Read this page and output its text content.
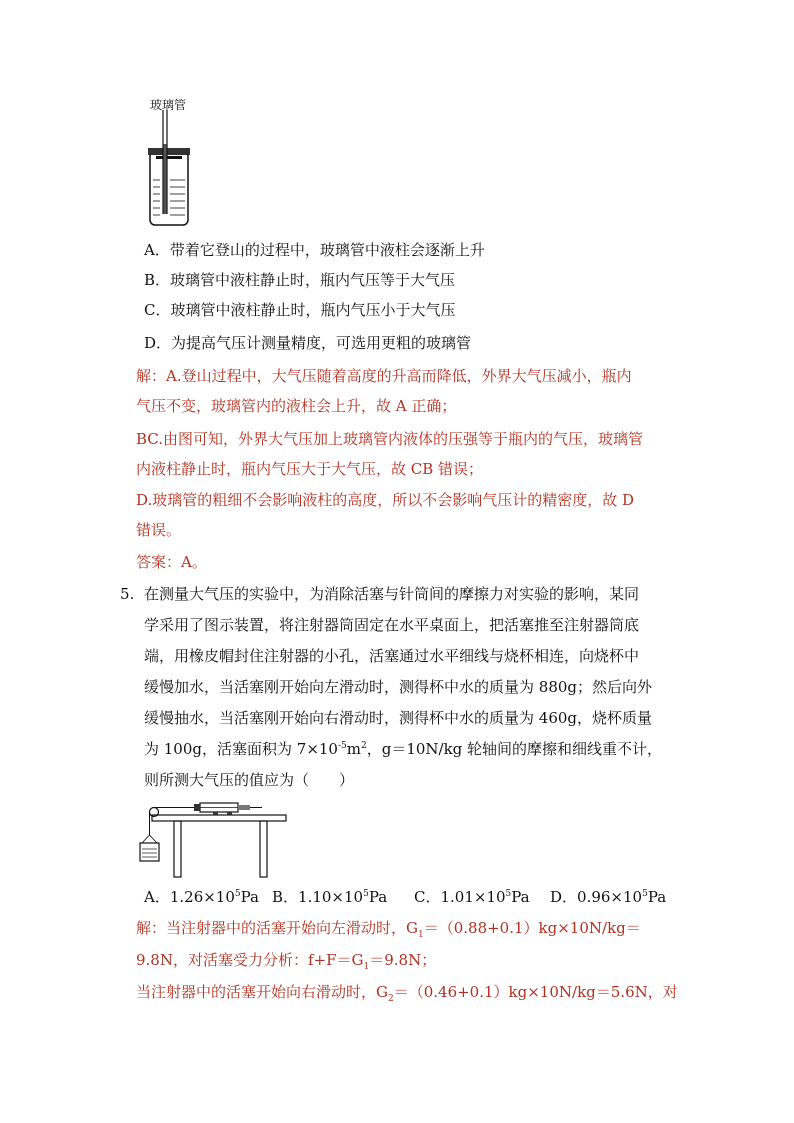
玻璃管
A．带着它登山的过程中，玻璃管中液柱会逐渐上升
B．玻璃管中液柱静止时，瓶内气压等于大气压
C．玻璃管中液柱静止时，瓶内气压小于大气压
D．为提高气压计测量精度，可选用更粗的玻璃管
解：A.登山过程中，大气压随着高度的升高而降低，外界大气压减小，瓶内
气压不变，玻璃管内的液柱会上升，故 A 正确；
BC.由图可知，外界大气压加上玻璃管内液体的压强等于瓶内的气压，玻璃管
内液柱静止时，瓶内气压大于大气压，故 CB 错误；
D.玻璃管的粗细不会影响液柱的高度，所以不会影响气压计的精密度，故 D
错误。
答案：A。
5. 在测量大气压的实验中，为消除活塞与针筒间的摩擦力对实验的影响，某同
学采用了图示装置，将注射器筒固定在水平桌面上，把活塞推至注射器筒底
端，用橡皮帽封住注射器的小孔，活塞通过水平细线与烧杯相连，向烧杯中
缓慢加水，当活塞刚开始向左滑动时，测得杯中水的质量为 880g；然后向外
缓慢抽水，当活塞刚开始向右滑动时，测得杯中水的质量为 460g，烧杯质量
为 100g，活塞面积为 $7\times 10^{-5}m^2$，g＝10N/kg 轮轴间的摩擦和细线重不计，
则所测大气压的值应为（　　）
A．$1.26\times 10^5Pa$ B．$1.10\times 10^5Pa$ C．$1.01\times 10^5Pa$ D．$0.96\times 10^5Pa$
解：当注射器中的活塞开始向左滑动时，$G_1=(0.88+0.1)kg\times 10N/kg=$
9.8N，对活塞受力分析：$f+F=G_1=9.8N$；
当注射器中的活塞开始向右滑动时，$G_2=(0.46+0.1)kg\times 10N/kg=5.6N$，对
